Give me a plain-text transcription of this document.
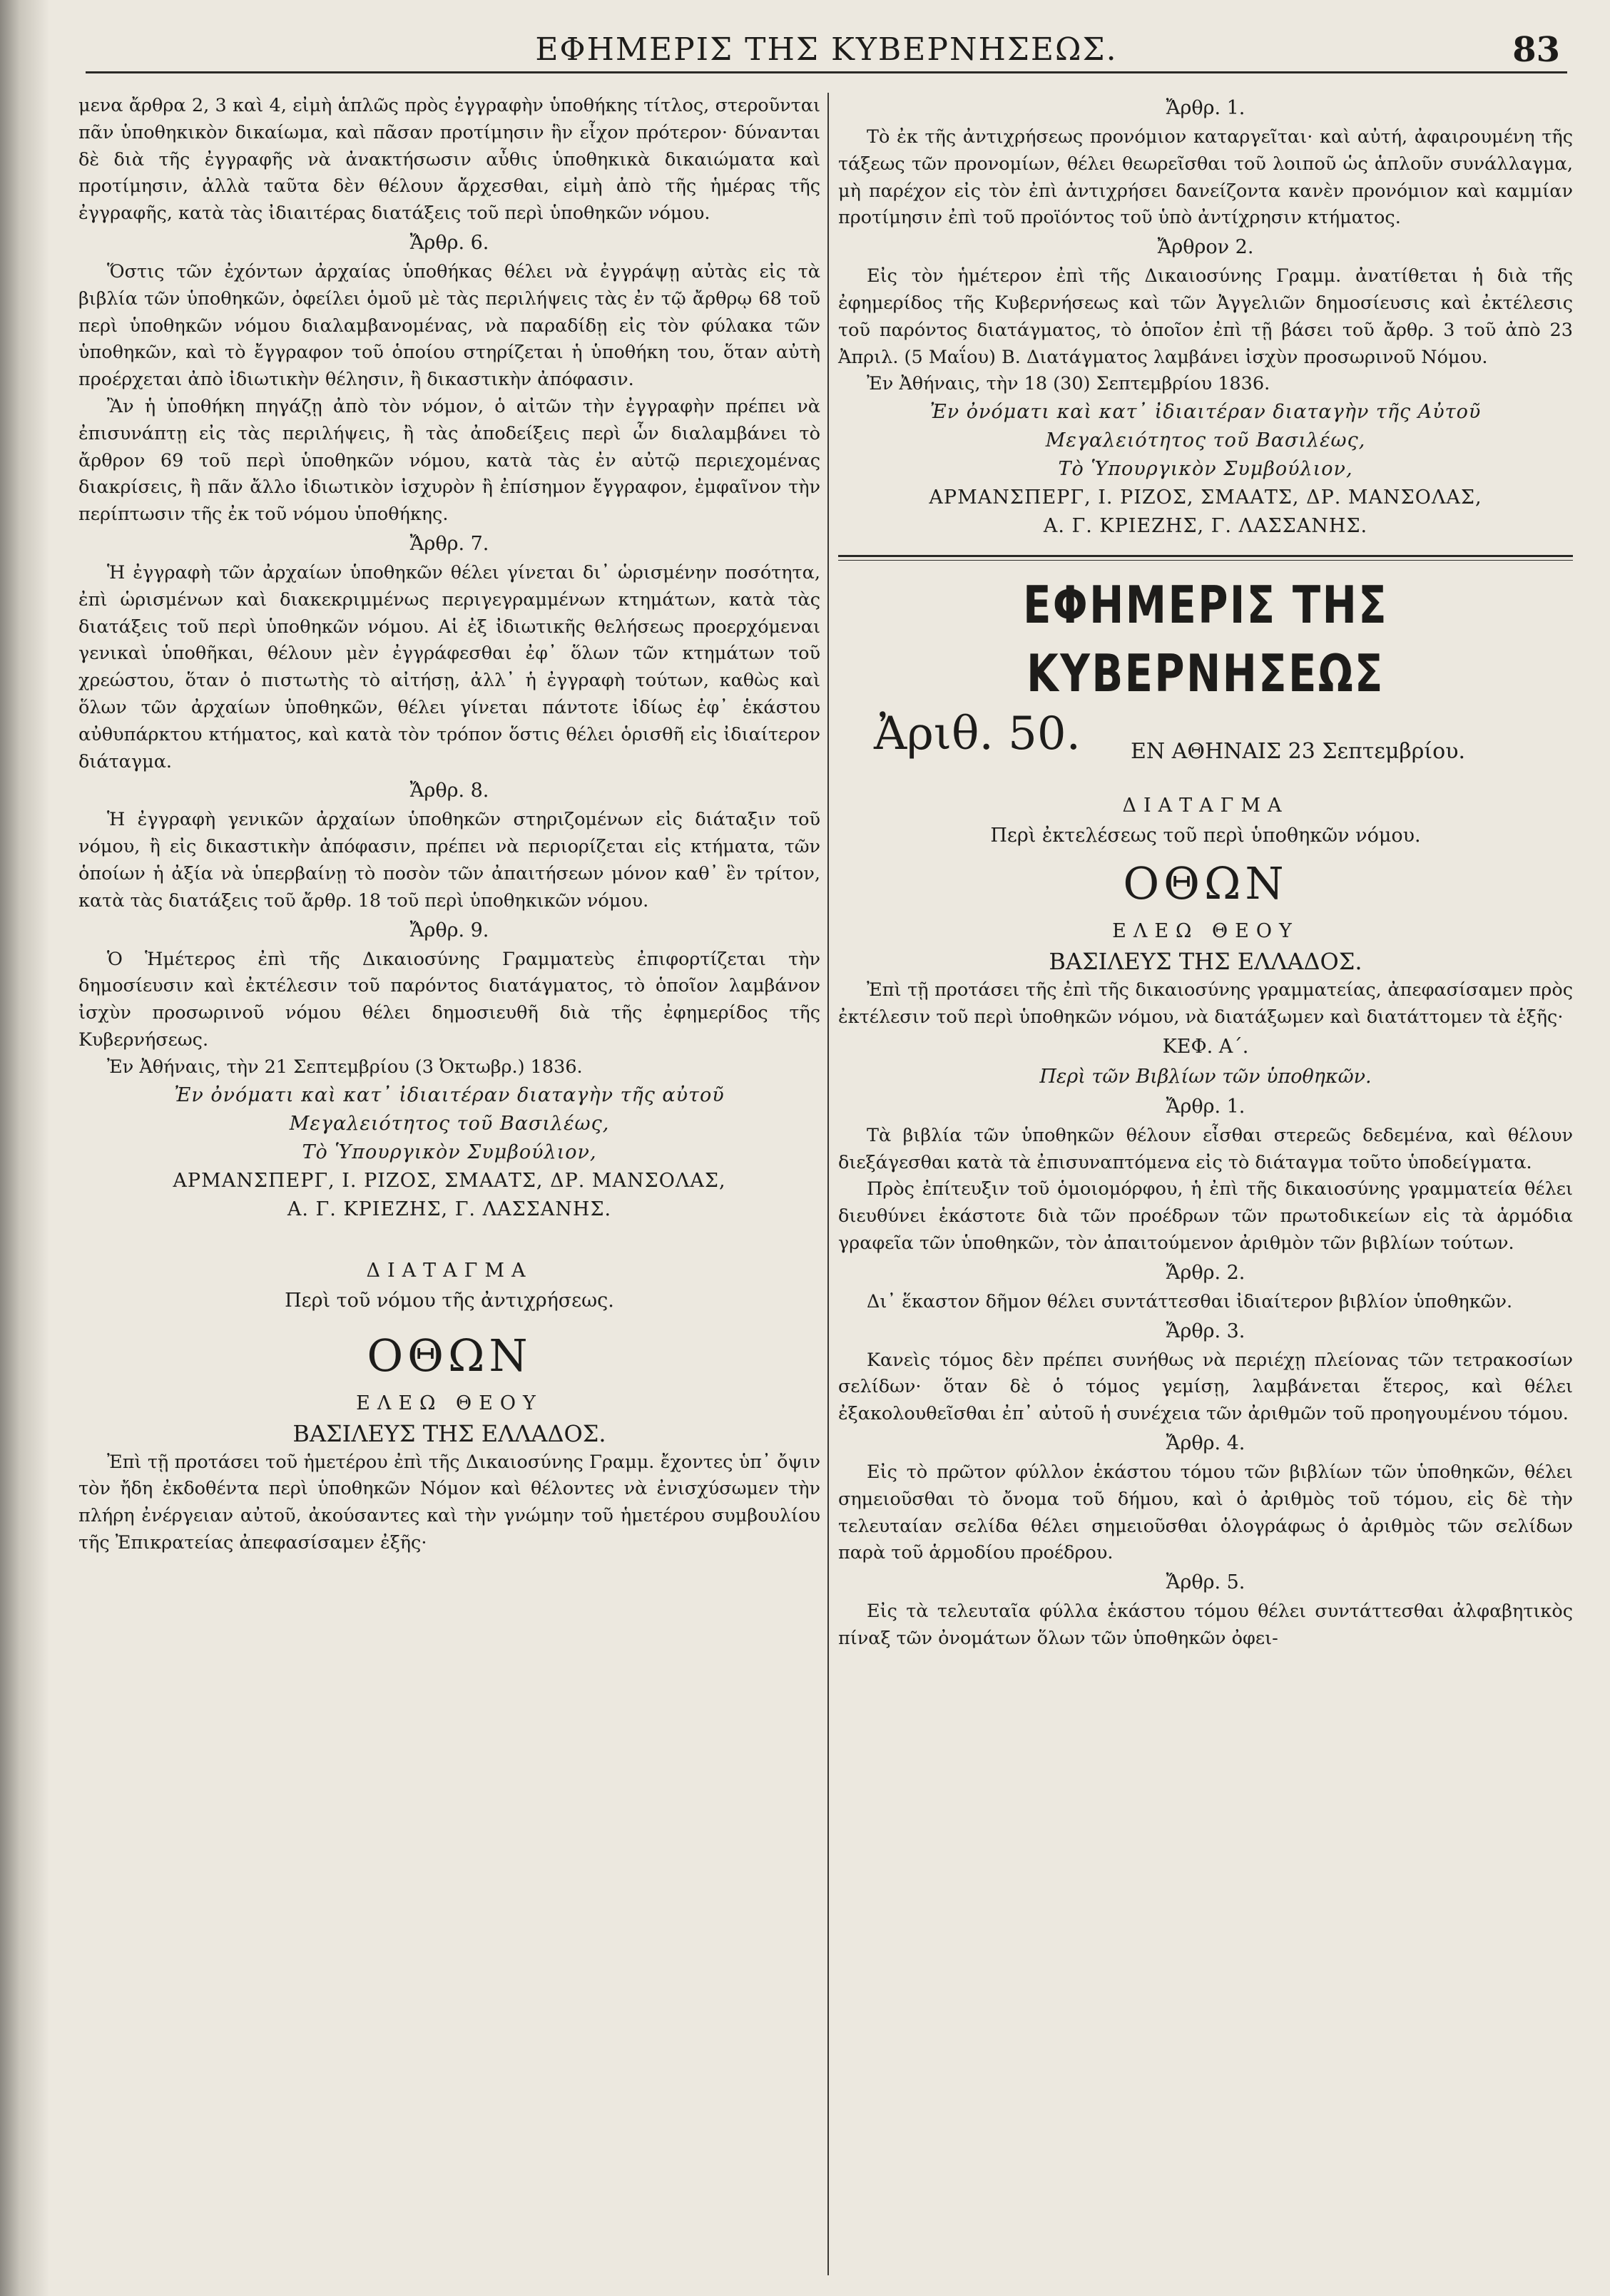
ΕΦΗΜΕΡΙΣ ΤΗΣ ΚΥΒΕΡΝΗΣΕΩΣ.	83

μενα ἄρθρα 2, 3 καὶ 4, εἰμὴ ἁπλῶς πρὸς ἐγγραφὴν ὑποθήκης τίτλος, στεροῦνται πᾶν ὑποθηκικὸν δικαίωμα, καὶ πᾶσαν προτίμησιν ἣν εἶχον πρότερον· δύνανται δὲ διὰ τῆς ἐγγραφῆς νὰ ἀνακτήσωσιν αὖθις ὑποθηκικὰ δικαιώματα καὶ προτίμησιν, ἀλλὰ ταῦτα δὲν θέλουν ἄρχεσθαι, εἰμὴ ἀπὸ τῆς ἡμέρας τῆς ἐγγραφῆς, κατὰ τὰς ἰδιαιτέρας διατάξεις τοῦ περὶ ὑποθηκῶν νόμου.

Ἄρθρ. 6.

Ὅστις τῶν ἐχόντων ἀρχαίας ὑποθήκας θέλει νὰ ἐγγράψῃ αὐτὰς εἰς τὰ βιβλία τῶν ὑποθηκῶν, ὀφείλει ὁμοῦ μὲ τὰς περιλήψεις τὰς ἐν τῷ ἄρθρῳ 68 τοῦ περὶ ὑποθηκῶν νόμου διαλαμβανομένας, νὰ παραδίδῃ εἰς τὸν φύλακα τῶν ὑποθηκῶν, καὶ τὸ ἔγγραφον τοῦ ὁποίου στηρίζεται ἡ ὑποθήκη του, ὅταν αὐτὴ προέρχεται ἀπὸ ἰδιωτικὴν θέλησιν, ἢ δικαστικὴν ἀπόφασιν.

Ἂν ἡ ὑποθήκη πηγάζῃ ἀπὸ τὸν νόμον, ὁ αἰτῶν τὴν ἐγγραφὴν πρέπει νὰ ἐπισυνάπτῃ εἰς τὰς περιλήψεις, ἢ τὰς ἀποδείξεις περὶ ὧν διαλαμβάνει τὸ ἄρθρον 69 τοῦ περὶ ὑποθηκῶν νόμου, κατὰ τὰς ἐν αὐτῷ περιεχομένας διακρίσεις, ἢ πᾶν ἄλλο ἰδιωτικὸν ἰσχυρὸν ἢ ἐπίσημον ἔγγραφον, ἐμφαῖνον τὴν περίπτωσιν τῆς ἐκ τοῦ νόμου ὑποθήκης.

Ἄρθρ. 7.

Ἡ ἐγγραφὴ τῶν ἀρχαίων ὑποθηκῶν θέλει γίνεται δι᾽ ὡρισμένην ποσότητα, ἐπὶ ὡρισμένων καὶ διακεκριμμένως περιγεγραμμένων κτημάτων, κατὰ τὰς διατάξεις τοῦ περὶ ὑποθηκῶν νόμου. Αἱ ἐξ ἰδιωτικῆς θελήσεως προερχόμεναι γενικαὶ ὑποθῆκαι, θέλουν μὲν ἐγγράφεσθαι ἐφ᾽ ὅλων τῶν κτημάτων τοῦ χρεώστου, ὅταν ὁ πιστωτὴς τὸ αἰτήσῃ, ἀλλ᾽ ἡ ἐγγραφὴ τούτων, καθὼς καὶ ὅλων τῶν ἀρχαίων ὑποθηκῶν, θέλει γίνεται πάντοτε ἰδίως ἐφ᾽ ἑκάστου αὐθυπάρκτου κτήματος, καὶ κατὰ τὸν τρόπον ὅστις θέλει ὁρισθῆ εἰς ἰδιαίτερον διάταγμα.

Ἄρθρ. 8.

Ἡ ἐγγραφὴ γενικῶν ἀρχαίων ὑποθηκῶν στηριζομένων εἰς διάταξιν τοῦ νόμου, ἢ εἰς δικαστικὴν ἀπόφασιν, πρέπει νὰ περιορίζεται εἰς κτήματα, τῶν ὁποίων ἡ ἀξία νὰ ὑπερβαίνῃ τὸ ποσὸν τῶν ἀπαιτήσεων μόνον καθ᾽ ἓν τρίτον, κατὰ τὰς διατάξεις τοῦ ἄρθρ. 18 τοῦ περὶ ὑποθηκικῶν νόμου.

Ἄρθρ. 9.

Ὁ Ἡμέτερος ἐπὶ τῆς Δικαιοσύνης Γραμματεὺς ἐπιφορτίζεται τὴν δημοσίευσιν καὶ ἐκτέλεσιν τοῦ παρόντος διατάγματος, τὸ ὁποῖον λαμβάνον ἰσχὺν προσωρινοῦ νόμου θέλει δημοσιευθῆ διὰ τῆς ἐφημερίδος τῆς Κυβερνήσεως.

Ἐν Ἀθήναις, τὴν 21 Σεπτεμβρίου (3 Ὀκτωβρ.) 1836.

Ἐν ὀνόματι καὶ κατ᾽ ἰδιαιτέραν διαταγὴν τῆς αὐτοῦ
Μεγαλειότητος τοῦ Βασιλέως,
Τὸ Ὑπουργικὸν Συμβούλιον,
ΑΡΜΑΝΣΠΕΡΓ, Ι. ΡΙΖΟΣ, ΣΜΑΑΤΣ, ΔΡ. ΜΑΝΣΟΛΑΣ,
Α. Γ. ΚΡΙΕΖΗΣ, Γ. ΛΑΣΣΑΝΗΣ.
ΔΙΑΤΑΓΜΑ
Περὶ τοῦ νόμου τῆς ἀντιχρήσεως.
ΟΘΩΝ
ΕΛΕΩ ΘΕΟΥ
ΒΑΣΙΛΕΥΣ ΤΗΣ ΕΛΛΑΔΟΣ.

Ἐπὶ τῇ προτάσει τοῦ ἡμετέρου ἐπὶ τῆς Δικαιοσύνης Γραμμ. ἔχοντες ὑπ᾽ ὄψιν τὸν ἤδη ἐκδοθέντα περὶ ὑποθηκῶν Νόμον καὶ θέλοντες νὰ ἐνισχύσωμεν τὴν πλήρη ἐνέργειαν αὐτοῦ, ἀκούσαντες καὶ τὴν γνώμην τοῦ ἡμετέρου συμβουλίου τῆς Ἐπικρατείας ἀπεφασίσαμεν ἐξῆς·

Ἄρθρ. 1.

Τὸ ἐκ τῆς ἀντιχρήσεως προνόμιον καταργεῖται· καὶ αὐτή, ἀφαιρουμένη τῆς τάξεως τῶν προνομίων, θέλει θεωρεῖσθαι τοῦ λοιποῦ ὡς ἁπλοῦν συνάλλαγμα, μὴ παρέχον εἰς τὸν ἐπὶ ἀντιχρήσει δανείζοντα κανὲν προνόμιον καὶ καμμίαν προτίμησιν ἐπὶ τοῦ προϊόντος τοῦ ὑπὸ ἀντίχρησιν κτήματος.

Ἄρθρον 2.

Εἰς τὸν ἡμέτερον ἐπὶ τῆς Δικαιοσύνης Γραμμ. ἀνατίθεται ἡ διὰ τῆς ἐφημερίδος τῆς Κυβερνήσεως καὶ τῶν Ἀγγελιῶν δημοσίευσις καὶ ἐκτέλεσις τοῦ παρόντος διατάγματος, τὸ ὁποῖον ἐπὶ τῇ βάσει τοῦ ἄρθρ. 3 τοῦ ἀπὸ 23 Ἀπριλ. (5 Μαΐου) Β. Διατάγματος λαμβάνει ἰσχὺν προσωρινοῦ Νόμου.

Ἐν Ἀθήναις, τὴν 18 (30) Σεπτεμβρίου 1836.

Ἐν ὀνόματι καὶ κατ᾽ ἰδιαιτέραν διαταγὴν τῆς Αὐτοῦ
Μεγαλειότητος τοῦ Βασιλέως,
Τὸ Ὑπουργικὸν Συμβούλιον,
ΑΡΜΑΝΣΠΕΡΓ, Ι. ΡΙΖΟΣ, ΣΜΑΑΤΣ, ΔΡ. ΜΑΝΣΟΛΑΣ,
Α. Γ. ΚΡΙΕΖΗΣ, Γ. ΛΑΣΣΑΝΗΣ.
ΕΦΗΜΕΡΙΣ ΤΗΣ ΚΥΒΕΡΝΗΣΕΩΣ
Ἀριθ. 50. ΕΝ ΑΘΗΝΑΙΣ 23 Σεπτεμβρίου.
ΔΙΑΤΑΓΜΑ
Περὶ ἐκτελέσεως τοῦ περὶ ὑποθηκῶν νόμου.
ΟΘΩΝ
ΕΛΕΩ ΘΕΟΥ
ΒΑΣΙΛΕΥΣ ΤΗΣ ΕΛΛΑΔΟΣ.

Ἐπὶ τῇ προτάσει τῆς ἐπὶ τῆς δικαιοσύνης γραμματείας, ἀπεφασίσαμεν πρὸς ἐκτέλεσιν τοῦ περὶ ὑποθηκῶν νόμου, νὰ διατάξωμεν καὶ διατάττομεν τὰ ἑξῆς·

ΚΕΦ. Α΄.
Περὶ τῶν Βιβλίων τῶν ὑποθηκῶν.
Ἄρθρ. 1.

Τὰ βιβλία τῶν ὑποθηκῶν θέλουν εἶσθαι στερεῶς δεδεμένα, καὶ θέλουν διεξάγεσθαι κατὰ τὰ ἐπισυναπτόμενα εἰς τὸ διάταγμα τοῦτο ὑποδείγματα.

Πρὸς ἐπίτευξιν τοῦ ὁμοιομόρφου, ἡ ἐπὶ τῆς δικαιοσύνης γραμματεία θέλει διευθύνει ἑκάστοτε διὰ τῶν προέδρων τῶν πρωτοδικείων εἰς τὰ ἁρμόδια γραφεῖα τῶν ὑποθηκῶν, τὸν ἀπαιτούμενον ἀριθμὸν τῶν βιβλίων τούτων.

Ἄρθρ. 2.

Δι᾽ ἕκαστον δῆμον θέλει συντάττεσθαι ἰδιαίτερον βιβλίον ὑποθηκῶν.

Ἄρθρ. 3.

Κανεὶς τόμος δὲν πρέπει συνήθως νὰ περιέχῃ πλείονας τῶν τετρακοσίων σελίδων· ὅταν δὲ ὁ τόμος γεμίσῃ, λαμβάνεται ἕτερος, καὶ θέλει ἐξακολουθεῖσθαι ἐπ᾽ αὐτοῦ ἡ συνέχεια τῶν ἀριθμῶν τοῦ προηγουμένου τόμου.

Ἄρθρ. 4.

Εἰς τὸ πρῶτον φύλλον ἑκάστου τόμου τῶν βιβλίων τῶν ὑποθηκῶν, θέλει σημειοῦσθαι τὸ ὄνομα τοῦ δήμου, καὶ ὁ ἀριθμὸς τοῦ τόμου, εἰς δὲ τὴν τελευταίαν σελίδα θέλει σημειοῦσθαι ὁλογράφως ὁ ἀριθμὸς τῶν σελίδων παρὰ τοῦ ἁρμοδίου προέδρου.

Ἄρθρ. 5.

Εἰς τὰ τελευταῖα φύλλα ἑκάστου τόμου θέλει συντάττεσθαι ἀλφαβητικὸς πίναξ τῶν ὀνομάτων ὅλων τῶν ὑποθηκῶν ὀφει-
